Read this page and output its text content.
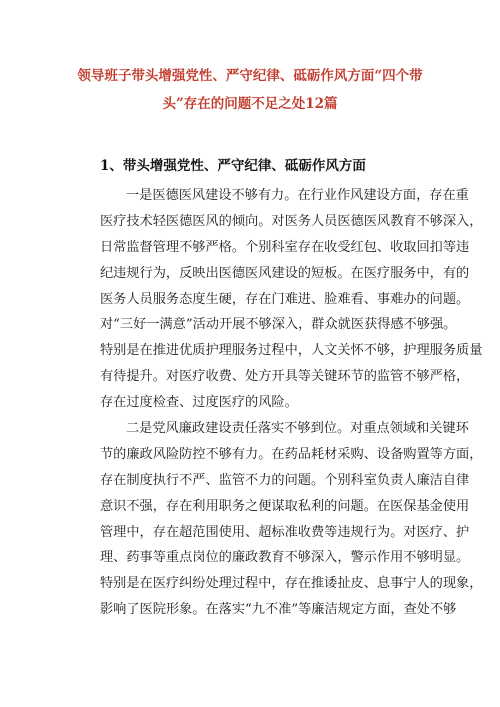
领导班子带头增强党性、严守纪律、砥砺作风方面“四个带
头”存在的问题不足之处12篇
1、带头增强党性、严守纪律、砥砺作风方面
一是医德医风建设不够有力。在行业作风建设方面，存在重
医疗技术轻医德医风的倾向。对医务人员医德医风教育不够深入，
日常监督管理不够严格。个别科室存在收受红包、收取回扣等违
纪违规行为，反映出医德医风建设的短板。在医疗服务中，有的
医务人员服务态度生硬，存在门难进、脸难看、事难办的问题。
对“三好一满意”活动开展不够深入，群众就医获得感不够强。
特别是在推进优质护理服务过程中，人文关怀不够，护理服务质量
有待提升。对医疗收费、处方开具等关键环节的监管不够严格，
存在过度检查、过度医疗的风险。
二是党风廉政建设责任落实不够到位。对重点领域和关键环
节的廉政风险防控不够有力。在药品耗材采购、设备购置等方面，
存在制度执行不严、监管不力的问题。个别科室负责人廉洁自律
意识不强，存在利用职务之便谋取私利的问题。在医保基金使用
管理中，存在超范围使用、超标准收费等违规行为。对医疗、护
理、药事等重点岗位的廉政教育不够深入，警示作用不够明显。
特别是在医疗纠纷处理过程中，存在推诿扯皮、息事宁人的现象，
影响了医院形象。在落实“九不准”等廉洁规定方面，查处不够
